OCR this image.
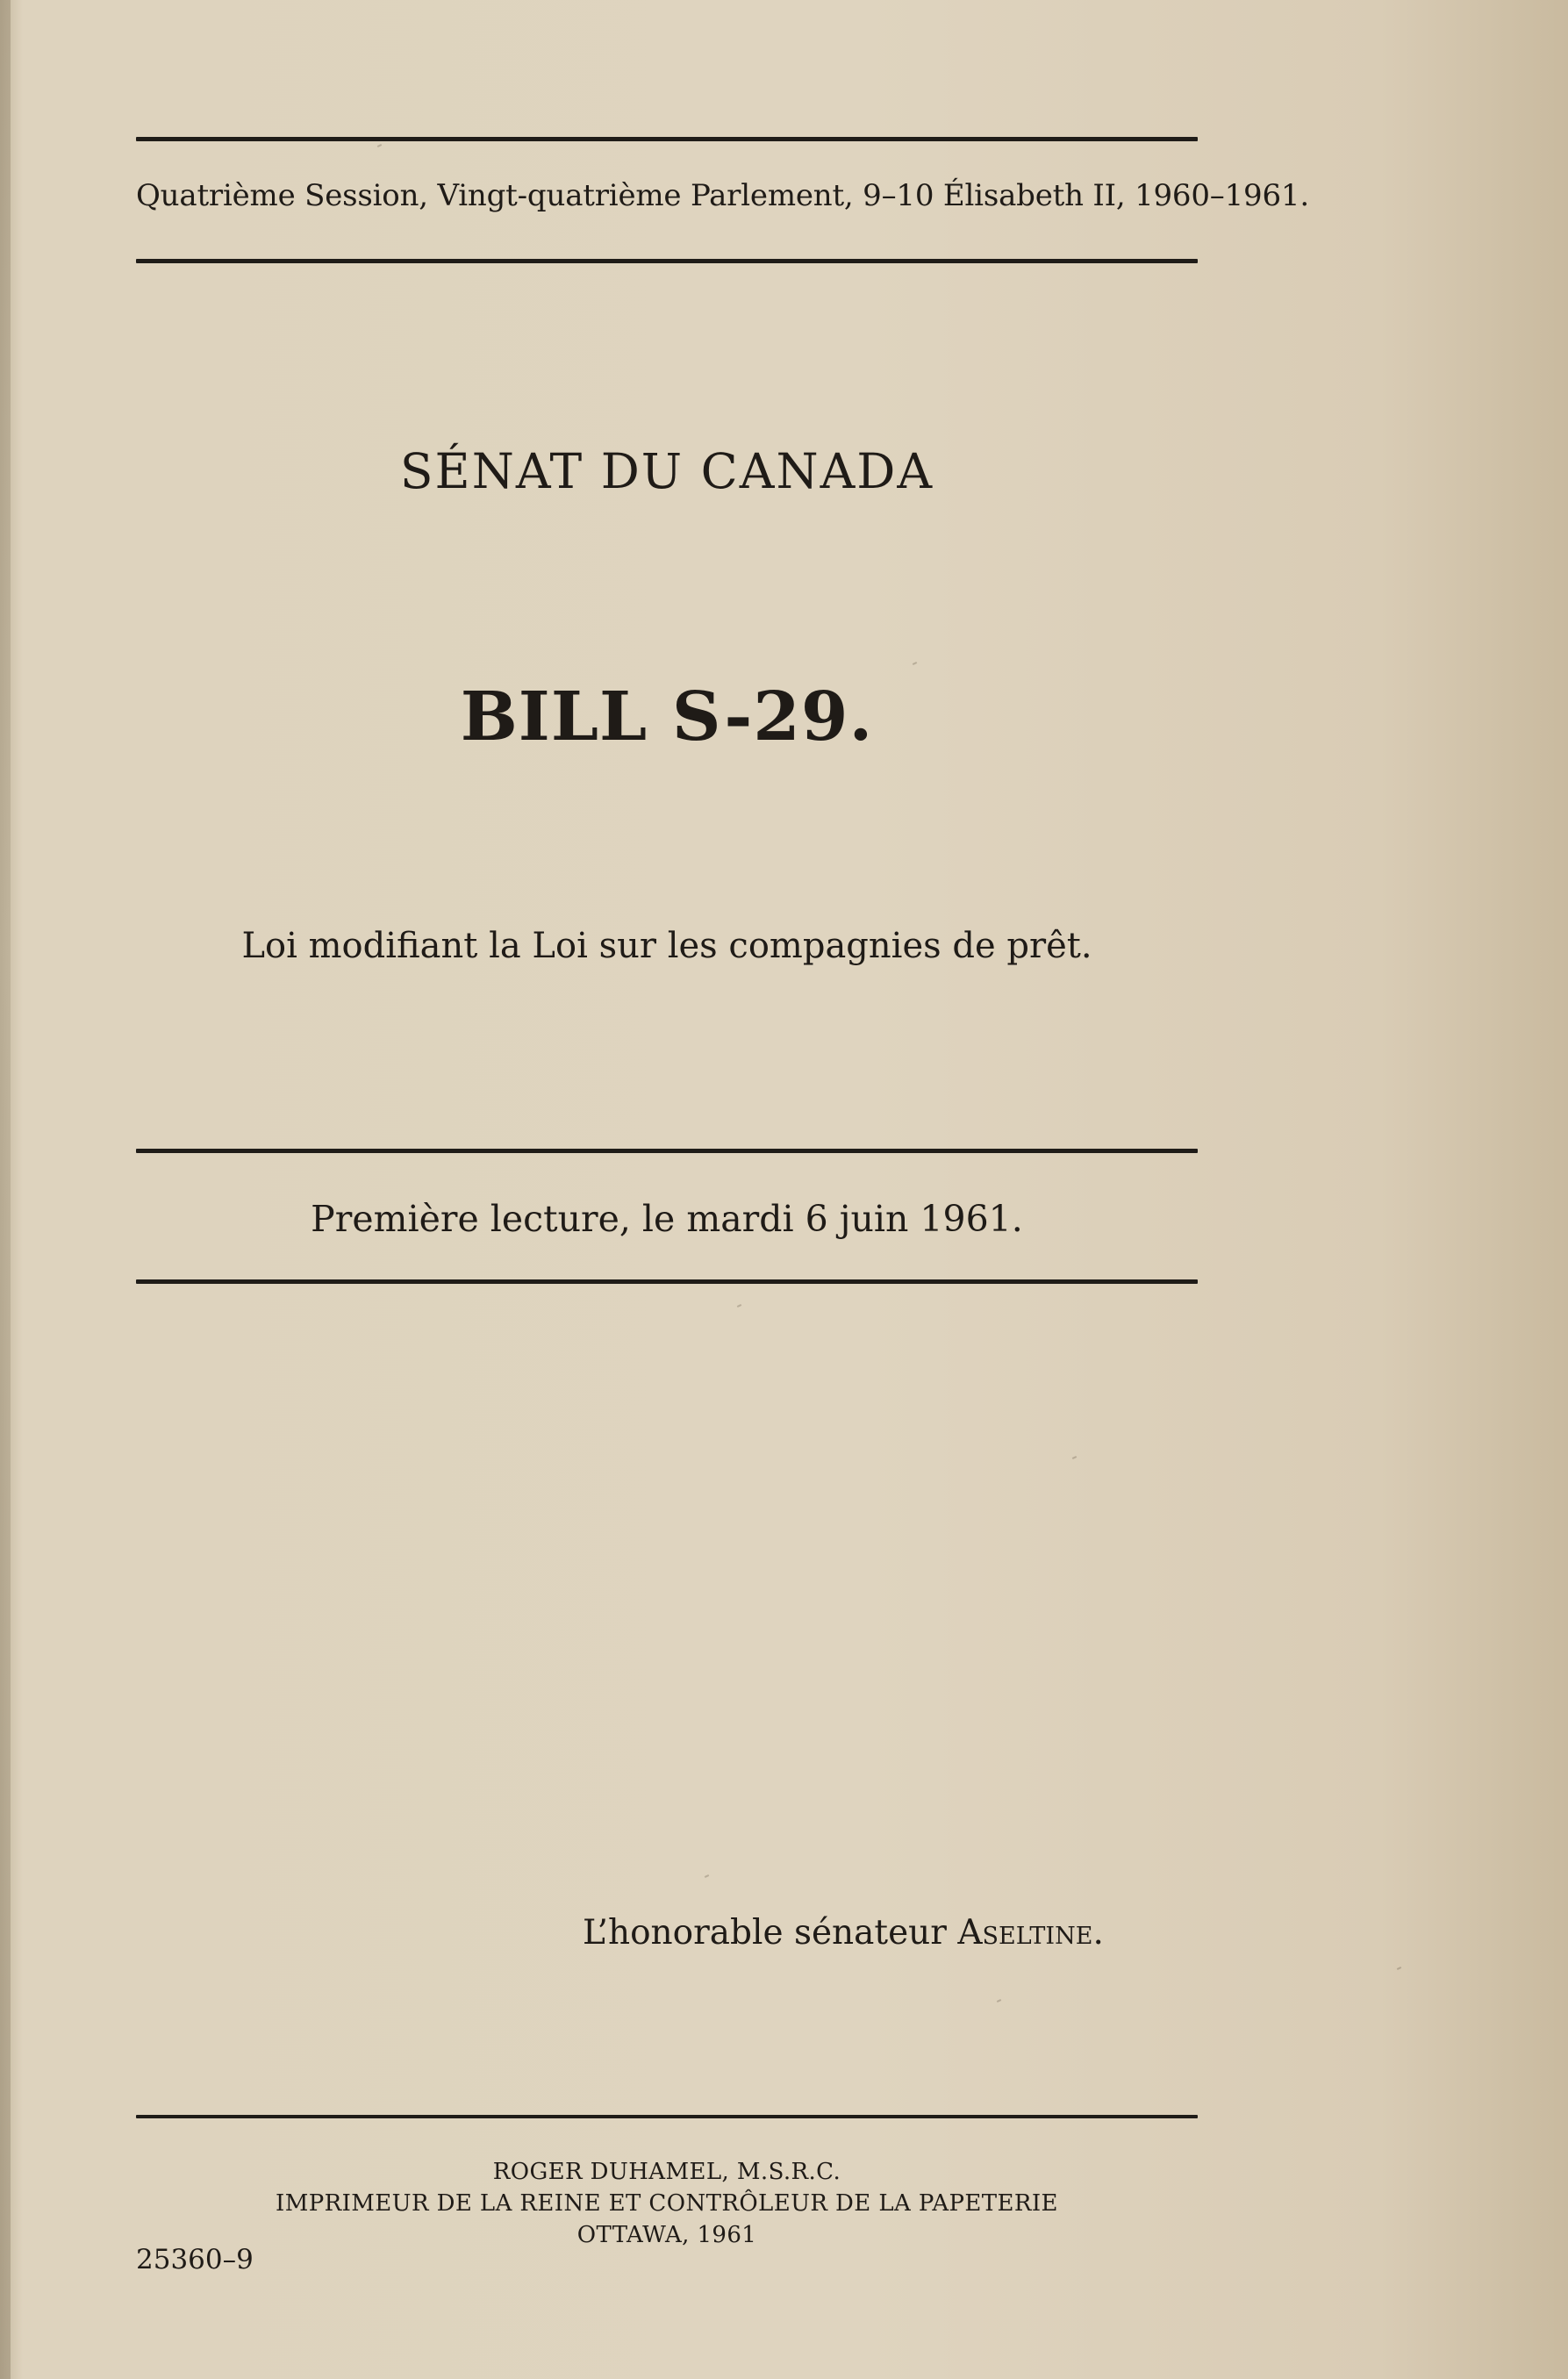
Quatrième Session, Vingt-quatrième Parlement, 9–10 Élisabeth II, 1960–1961.
SÉNAT DU CANADA
BILL S-29.
Loi modifiant la Loi sur les compagnies de prêt.
Première lecture, le mardi 6 juin 1961.
L’honorable sénateur Aseltine.
ROGER DUHAMEL, M.S.R.C.
IMPRIMEUR DE LA REINE ET CONTRÔLEUR DE LA PAPETERIE
OTTAWA, 1961
25360–9
